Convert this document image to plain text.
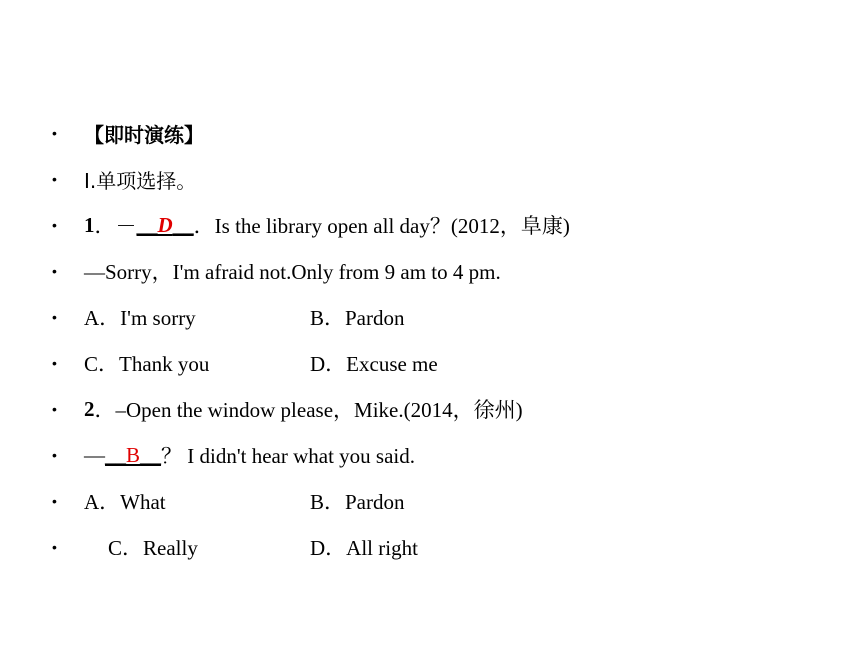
•	【即时演练】
•	Ⅰ.单项选择。
•	1 ．－ __ D __ ．Is the library open all day？(2012，阜康)
•	—Sorry，I'm afraid not.Only from 9 am to 4 pm.
•	A．I'm sorry	B．Pardon
•	C．Thank you	D．Excuse me
•	2 ．–Open the window please，Mike.(2014，徐州)
•	— __ B __ ？ I didn't hear what you said.
•	A．What	B．Pardon
•	C．Really	D．All right
